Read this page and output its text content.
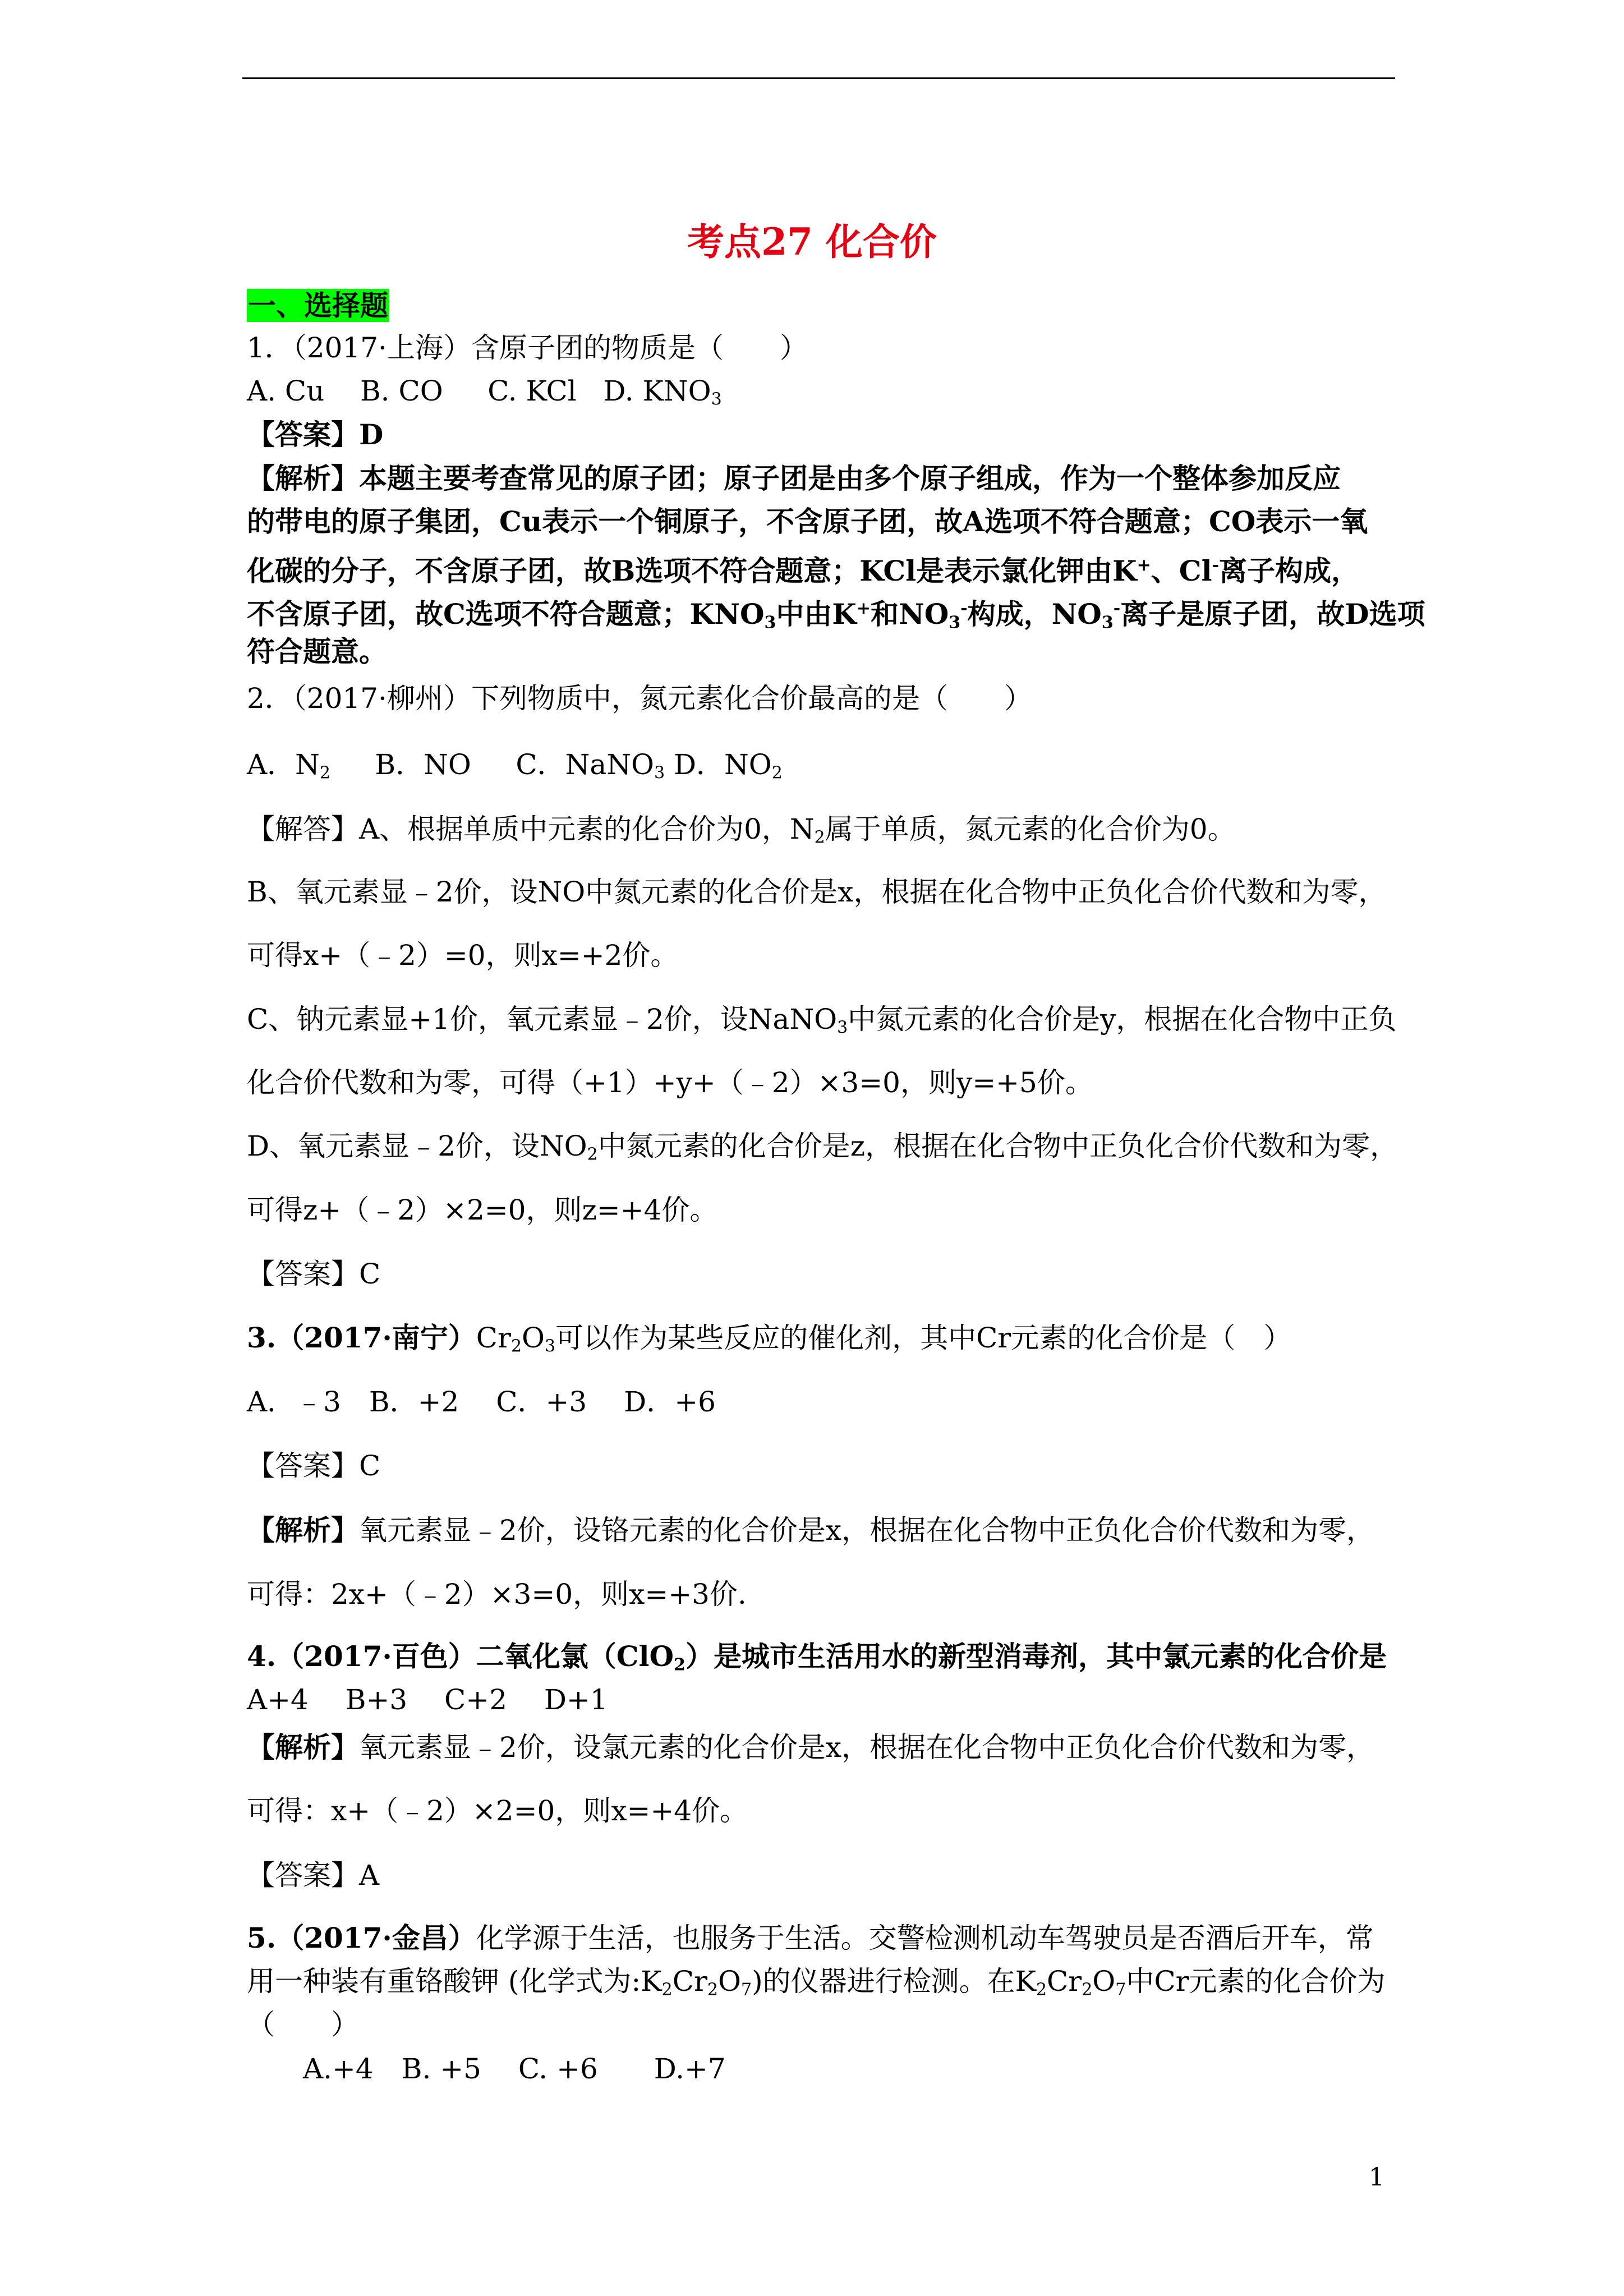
考点27 化合价
一、选择题
1．（2017·上海）含原子团的物质是（　　）
A. Cu B. CO C. KCl D. $KNO_3$
【答案】D
【解析】本题主要考查常见的原子团；原子团是由多个原子组成，作为一个整体参加反应
的带电的原子集团，Cu表示一个铜原子，不含原子团，故A选项不符合题意；CO表示一氧
化碳的分子，不含原子团，故B选项不符合题意；KCl是表示氯化钾由K+、Cl-离子构成，
不含原子团，故C选项不符合题意；$KNO_3$中由K+和$NO_3^-$构成，$NO_3^-$离子是原子团，故D选项
符合题意。
2．（2017·柳州）下列物质中，氮元素化合价最高的是（　　）
A．$N_2$ B．NO C．NaNO$_3$ D．$NO_2$
【解答】A、根据单质中元素的化合价为0，$N_2$属于单质，氮元素的化合价为0。
B、氧元素显﹣2价，设NO中氮元素的化合价是x，根据在化合物中正负化合价代数和为零，
可得x+（﹣2）=0，则x=+2价。
C、钠元素显+1价，氧元素显﹣2价，设NaNO$_3$中氮元素的化合价是y，根据在化合物中正负
化合价代数和为零，可得（+1）+y+（﹣2）×3=0，则y=+5价。
D、氧元素显﹣2价，设$NO_2$中氮元素的化合价是z，根据在化合物中正负化合价代数和为零，
可得z+（﹣2）×2=0，则z=+4价。
【答案】C
3.（2017·南宁）$Cr_2O_3$可以作为某些反应的催化剂，其中Cr元素的化合价是（　）
A．﹣3　B．+2　 C．+3　 D．+6
【答案】C
【解析】氧元素显﹣2价，设铬元素的化合价是x，根据在化合物中正负化合价代数和为零，
可得：2x+（﹣2）×3=0，则x=+3价.
4.（2017·百色）二氧化氯（ClO$_2$）是城市生活用水的新型消毒剂，其中氯元素的化合价是
A+4　 B+3　 C+2　 D+1
【解析】氧元素显﹣2价，设氯元素的化合价是x，根据在化合物中正负化合价代数和为零，
可得：x+（﹣2）×2=0，则x=+4价。
【答案】A
5.（2017·金昌）化学源于生活，也服务于生活。交警检测机动车驾驶员是否酒后开车，常
用一种装有重铬酸钾 (化学式为$:K_2Cr_2O_7$)的仪器进行检测。在$K_2Cr_2O_7$中Cr元素的化合价为
（　　）
A.+4　B. +5　 C. +6　　D.+7
1
